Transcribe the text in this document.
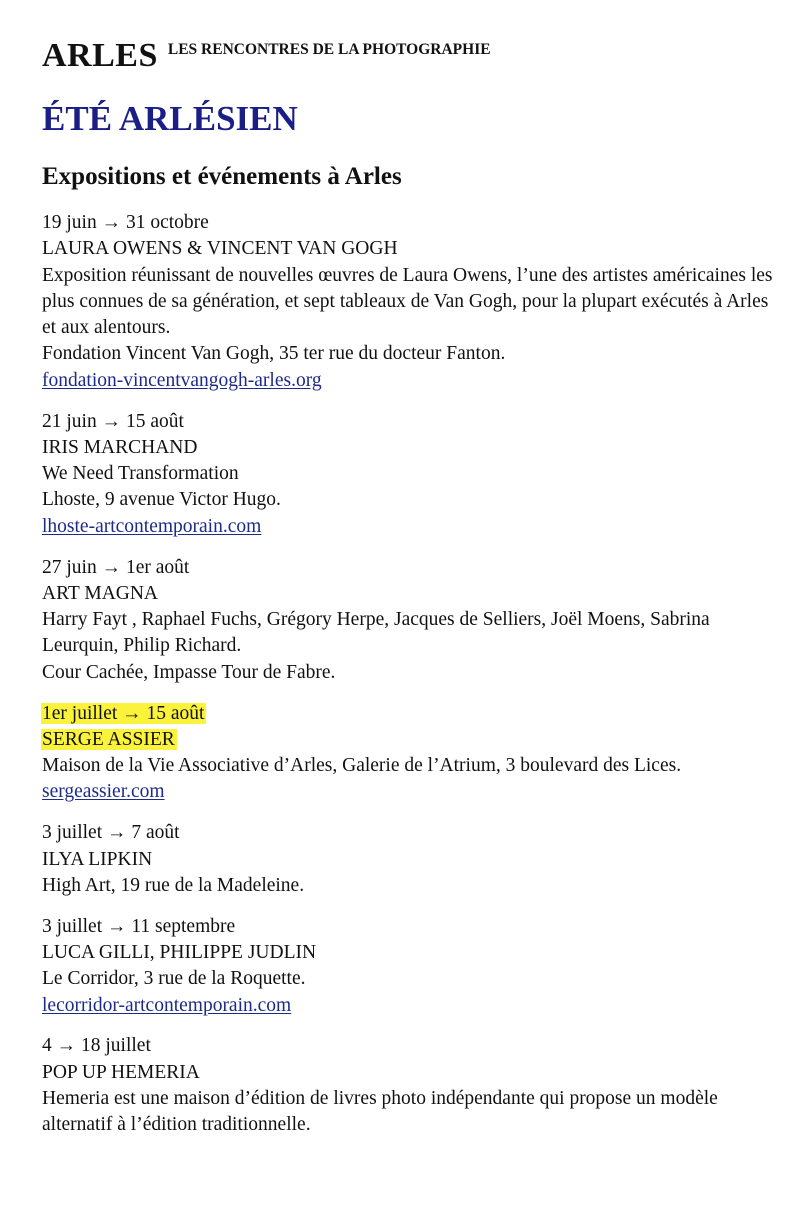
ARLES LES RENCONTRES DE LA PHOTOGRAPHIE
ÉTÉ ARLÉSIEN
Expositions et événements à Arles
19 juin → 31 octobre
LAURA OWENS & VINCENT VAN GOGH
Exposition réunissant de nouvelles œuvres de Laura Owens, l’une des artistes américaines les plus connues de sa génération, et sept tableaux de Van Gogh, pour la plupart exécutés à Arles et aux alentours.
Fondation Vincent Van Gogh, 35 ter rue du docteur Fanton.
fondation-vincentvangogh-arles.org
21 juin → 15 août
IRIS MARCHAND
We Need Transformation
Lhoste, 9 avenue Victor Hugo.
lhoste-artcontemporain.com
27 juin → 1er août
ART MAGNA
Harry Fayt , Raphael Fuchs, Grégory Herpe, Jacques de Selliers, Joël Moens, Sabrina Leurquin, Philip Richard.
Cour Cachée, Impasse Tour de Fabre.
1er juillet → 15 août
SERGE ASSIER
Maison de la Vie Associative d’Arles, Galerie de l’Atrium, 3 boulevard des Lices. sergeassier.com
3 juillet → 7 août
ILYA LIPKIN
High Art, 19 rue de la Madeleine.
3 juillet → 11 septembre
LUCA GILLI, PHILIPPE JUDLIN
Le Corridor, 3 rue de la Roquette.
lecorridor-artcontemporain.com
4 → 18 juillet
POP UP HEMERIA
Hemeria est une maison d’édition de livres photo indépendante qui propose un modèle alternatif à l’édition traditionnelle.
